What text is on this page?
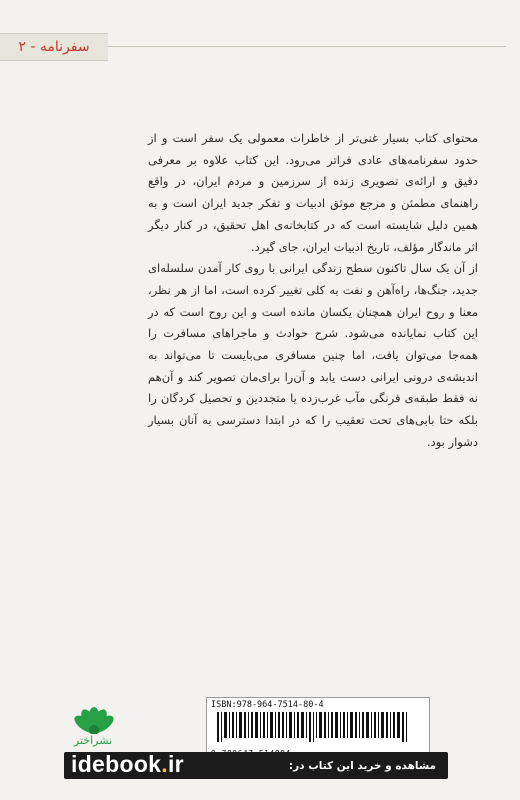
سفرنامه - ۲

محتوای کتاب بسیار غنی‌تر از خاطرات معمولی یک سفر است و از حدود سفرنامه‌های عادی فراتر می‌رود. این کتاب علاوه بر معرفی دقیق و ارائه‌ی تصویری زنده از سرزمین و مردم ایران، در واقع راهنمای مطمئن و مرجع موثق ادبیات و تفکر جدید ایران است و به همین دلیل شایسته است که در کتابخانه‌ی اهل تحقیق، در کنار دیگر اثر ماندگار مؤلف، تاریخ ادبیات ایران، جای گیرد.

از آن یک سال تاکنون سطح زندگی ایرانی با روی کار آمدن سلسله‌ای جدید، جنگ‌ها، راه‌آهن و نفت به کلی تغییر کرده است، اما از هر نظر، معنا و روح ایران همچنان یکسان مانده است و این روح است که در این کتاب نمایانده می‌شود. شرح حوادث و ماجراهای مسافرت را همه‌جا می‌توان یافت، اما چنین مسافری می‌بایست تا می‌تواند به اندیشه‌ی درونی ایرانی دست یابد و آن‌را برای‌مان تصویر کند و آن‌هم نه فقط طبقه‌ی فرنگی مآب غرب‌زده یا متجددین و تحصیل کردگان را بلکه حتا بابی‌های تحت تعقیب را که در ابتدا دسترسی به آنان بسیار دشوار بود.

ISBN:978-964-7514-80-4
مشاهده و خرید این کتاب در:
نشراختر
idebook.ir
